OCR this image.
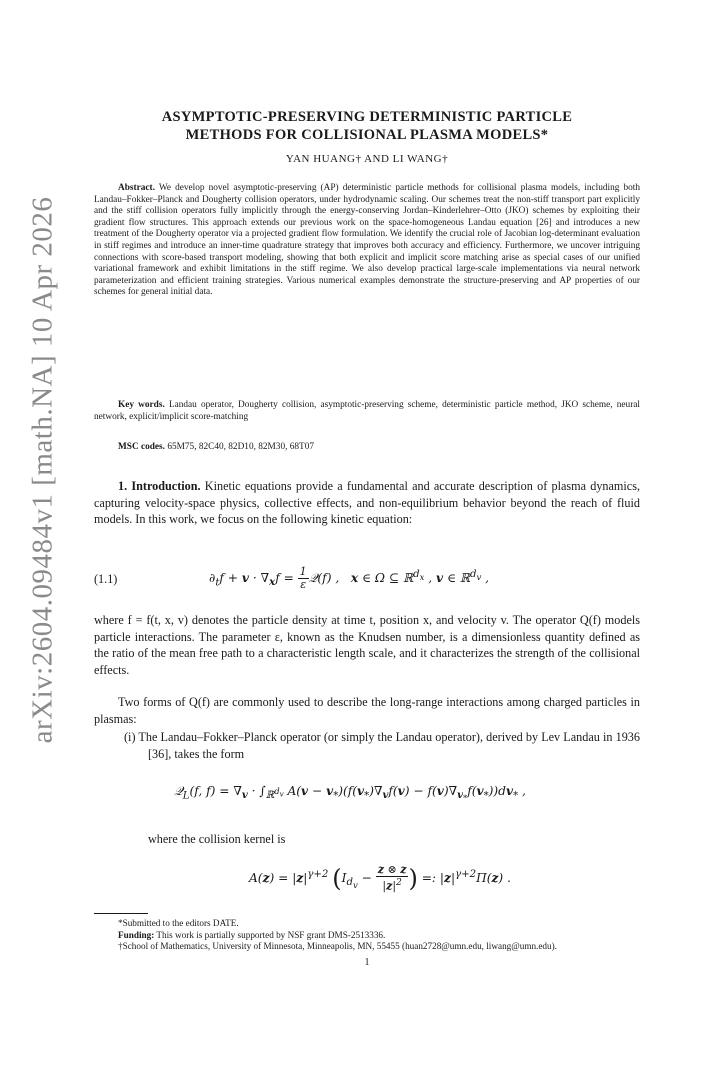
arXiv:2604.09484v1 [math.NA] 10 Apr 2026
ASYMPTOTIC-PRESERVING DETERMINISTIC PARTICLE
METHODS FOR COLLISIONAL PLASMA MODELS*
YAN HUANG† AND LI WANG†

Abstract. We develop novel asymptotic-preserving (AP) deterministic particle methods for collisional plasma models, including both Landau–Fokker–Planck and Dougherty collision operators, under hydrodynamic scaling. Our schemes treat the non-stiff transport part explicitly and the stiff collision operators fully implicitly through the energy-conserving Jordan–Kinderlehrer–Otto (JKO) schemes by exploiting their gradient flow structures. This approach extends our previous work on the space-homogeneous Landau equation [26] and introduces a new treatment of the Dougherty operator via a projected gradient flow formulation. We identify the crucial role of Jacobian log-determinant evaluation in stiff regimes and introduce an inner-time quadrature strategy that improves both accuracy and efficiency. Furthermore, we uncover intriguing connections with score-based transport modeling, showing that both explicit and implicit score matching arise as special cases of our unified variational framework and exhibit limitations in the stiff regime. We also develop practical large-scale implementations via neural network parameterization and efficient training strategies. Various numerical examples demonstrate the structure-preserving and AP properties of our schemes for general initial data.

Key words. Landau operator, Dougherty collision, asymptotic-preserving scheme, deterministic particle method, JKO scheme, neural network, explicit/implicit score-matching

MSC codes. 65M75, 82C40, 82D10, 82M30, 68T07

1. Introduction. Kinetic equations provide a fundamental and accurate description of plasma dynamics, capturing velocity-space physics, collective effects, and non-equilibrium behavior beyond the reach of fluid models. In this work, we focus on the following kinetic equation:

(1.1)	$\partial_tf + v \cdot \nabla_xf = \frac{1}{\varepsilon}$ 𝒬(f) ,   x ∈ Ω ⊆ ℝ$^{d_x}$ , v ∈ ℝ$^{d_v}$ ,

where f = f(t, x, v) denotes the particle density at time t, position x, and velocity v. The operator Q(f) models particle interactions. The parameter ε, known as the Knudsen number, is a dimensionless quantity defined as the ratio of the mean free path to a characteristic length scale, and it characterizes the strength of the collisional effects.

Two forms of Q(f) are commonly used to describe the long-range interactions among charged particles in plasmas:

(i) The Landau–Fokker–Planck operator (or simply the Landau operator), derived by Lev Landau in 1936 [36], takes the form

𝒬$_L$(f, $f) = \nabla_v \cdot \int_{ℝ^{d_v}}$ $A(v - v_*)(f(v_*)\nabla_vf(v) - f(v)\nabla_{v_*}f(v_*))dv_*$ ,
where the collision kernel is
$A(z) = |z|^{\gamma+2}$ ($I_{d_v} - \frac{z \otimes z}{|z|^2}$ ) =: $|z|^{\gamma+2}\Pi(z)$ .

*Submitted to the editors DATE.

Funding: This work is partially supported by NSF grant DMS-2513336.

†School of Mathematics, University of Minnesota, Minneapolis, MN, 55455 (huan2728@umn.edu, liwang@umn.edu).

1
